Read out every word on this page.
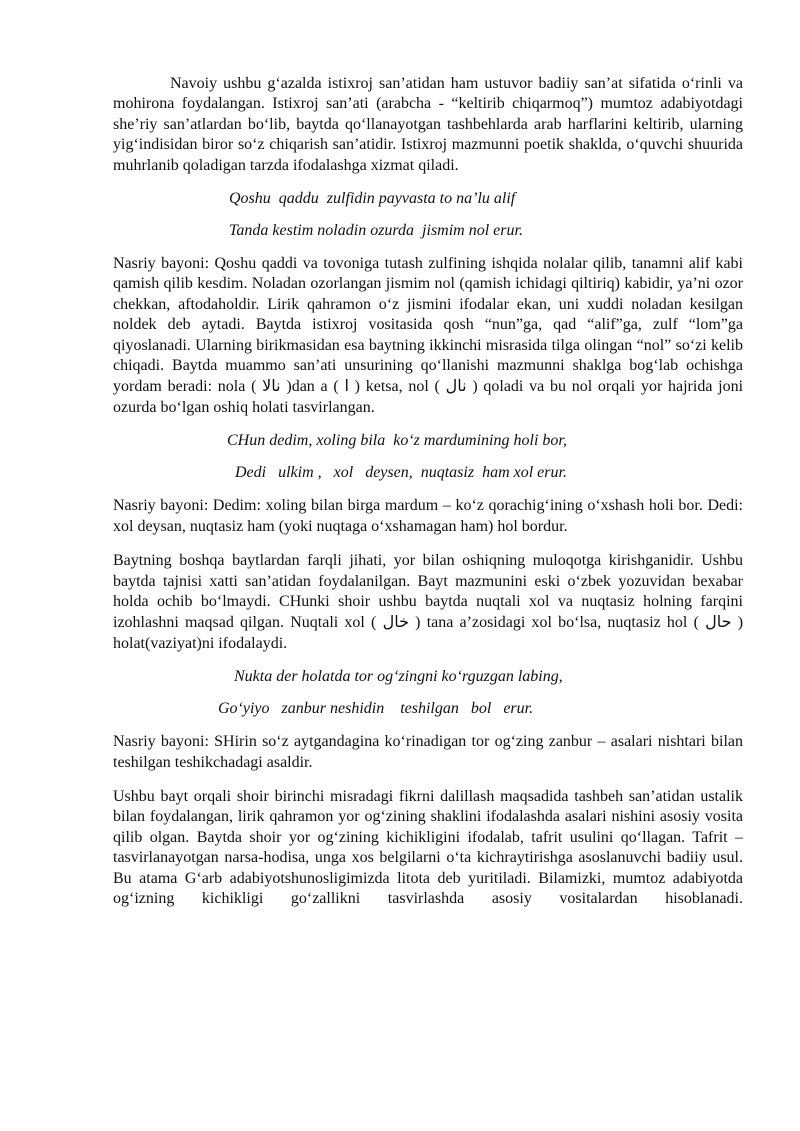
Navoiy ushbu g‘azalda istixroj san’atidan ham ustuvor badiiy san’at sifatida o‘rinli va mohirona foydalangan. Istixroj san’ati (arabcha - “keltirib chiqarmoq”) mumtoz adabiyotdagi she’riy san’atlardan bo‘lib, baytda qo‘llanayotgan tashbehlarda arab harflarini keltirib, ularning yig‘indisidan biror so‘z chiqarish san’atidir. Istixroj mazmunni poetik shaklda, o‘quvchi shuurida muhrlanib qoladigan tarzda ifodalashga xizmat qiladi.

Qoshu  qaddu  zulfidin payvasta to na’lu alif
Tanda kestim noladin ozurda  jismim nol erur.

Nasriy bayoni: Qoshu qaddi va tovoniga tutash zulfining ishqida nolalar qilib, tanamni alif kabi qamish qilib kesdim. Noladan ozorlangan jismim nol (qamish ichidagi qiltiriq) kabidir, ya’ni ozor chekkan, aftodaholdir. Lirik qahramon o‘z jismini ifodalar ekan, uni xuddi noladan kesilgan noldek deb aytadi. Baytda istixroj vositasida qosh “nun”ga, qad “alif”ga, zulf “lom”ga qiyoslanadi. Ularning birikmasidan esa baytning ikkinchi misrasida tilga olingan “nol” so‘zi kelib chiqadi. Baytda muammo san’ati unsurining qo‘llanishi mazmunni shaklga bog‘lab ochishga yordam beradi: nola ( نالا )dan a ( ا ) ketsa, nol ( نال ) qoladi va bu nol orqali yor hajrida joni ozurda bo‘lgan oshiq holati tasvirlangan.

CHun dedim, xoling bila  ko‘z mardumining holi bor,
Dedi   ulkim ,   xol   deysen,  nuqtasiz  ham xol erur.

Nasriy bayoni: Dedim: xoling bilan birga mardum – ko‘z qorachig‘ining o‘xshash holi bor. Dedi: xol deysan, nuqtasiz ham (yoki nuqtaga o‘xshamagan ham) hol bordur.

Baytning boshqa baytlardan farqli jihati, yor bilan oshiqning muloqotga kirishganidir. Ushbu baytda tajnisi xatti san’atidan foydalanilgan. Bayt mazmunini eski o‘zbek yozuvidan bexabar holda ochib bo‘lmaydi. CHunki shoir ushbu baytda nuqtali xol va nuqtasiz holning farqini izohlashni maqsad qilgan. Nuqtali xol ( خال ) tana a’zosidagi xol bo‘lsa, nuqtasiz hol ( حال ) holat(vaziyat)ni ifodalaydi.

Nukta der holatda tor og‘zingni ko‘rguzgan labing,
Go‘yiyo   zanbur neshidin    teshilgan   bol   erur.

Nasriy bayoni: SHirin so‘z aytgandagina ko‘rinadigan tor og‘zing zanbur – asalari nishtari bilan teshilgan teshikchadagi asaldir.

Ushbu bayt orqali shoir birinchi misradagi fikrni dalillash maqsadida tashbeh san’atidan ustalik bilan foydalangan, lirik qahramon yor og‘zining shaklini ifodalashda asalari nishini asosiy vosita qilib olgan. Baytda shoir yor og‘zining kichikligini ifodalab, tafrit usulini qo‘llagan. Tafrit – tasvirlanayotgan narsa-hodisa, unga xos belgilarni o‘ta kichraytirishga asoslanuvchi badiiy usul. Bu atama G‘arb adabiyotshunosligimizda litota deb yuritiladi. Bilamizki, mumtoz adabiyotda og‘izning kichikligi go‘zallikni tasvirlashda asosiy vositalardan hisoblanadi.
